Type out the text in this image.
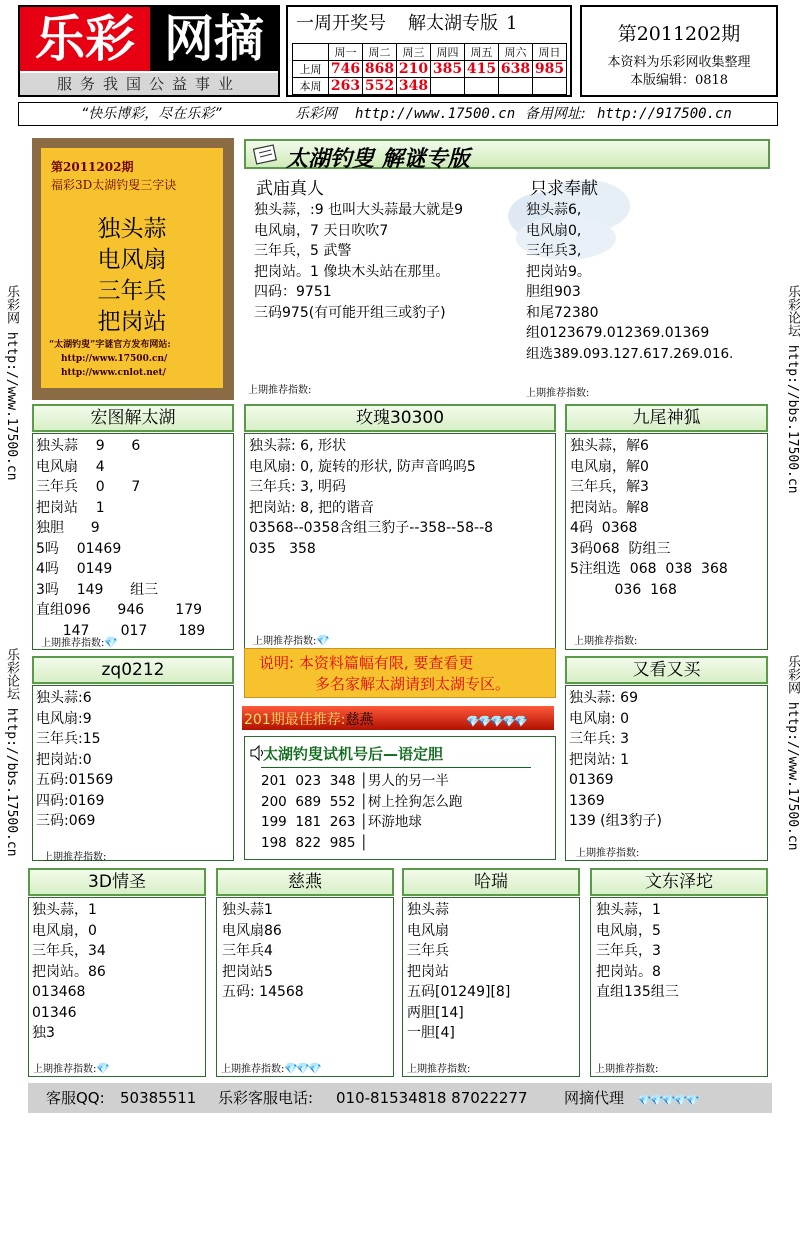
乐彩 网摘
服务我国公益事业
一周开奖号 解太湖专版 1
	周一	周二	周三	周四	周五	周六	周日
上周	746	868	210	385	415	638	985
本周	263	552	348				
第2011202期
本资料为乐彩网收集整理
本版编辑：0818
“快乐博彩，尽在乐彩”	乐彩网 http://www.17500.cn 备用网址: http://917500.cn
乐彩网 http://www.17500.cn
乐彩论坛 http://bbs.17500.cn
乐彩论坛 http://bbs.17500.cn
乐彩网 http://www.17500.cn
第2011202期
福彩3D太湖钓叟三字诀
独头蒜
电风扇
三年兵
把岗站
“太湖钓叟”字谜官方发布网站:
http://www.17500.cn/
http://www.cnlot.net/
太湖钓叟 解谜专版
武庙真人
独头蒜，:9 也叫大头蒜最大就是9
电风扇，7 天日吹吹7
三年兵，5 武警
把岗站。1 像块木头站在那里。
四码：9751
三码975(有可能开组三或豹子)
上期推荐指数:
只求奉献
独头蒜6,
电风扇0,
三年兵3,
把岗站9。
胆组903
和尾72380
组0123679.012369.01369
组选389.093.127.617.269.016.
上期推荐指数:
宏图解太湖
独头蒜    9      6
电风扇    4
三年兵    0      7
把岗站    1
独胆      9
5吗    01469
4吗    0149
3吗    149      组三
直组096      946       179
147       017       189
上期推荐指数:💎
玫瑰30300
独头蒜: 6, 形状
电风扇: 0, 旋转的形状, 防声音呜呜5
三年兵: 3, 明码
把岗站: 8, 把的谐音
03568--0358含组三豹子--358--58--8
035   358
上期推荐指数:💎
九尾神狐
独头蒜，解6
电风扇，解0
三年兵，解3
把岗站。解8
4码  0368
3码068  防组三
5注组选  068  038  368
036  168
上期推荐指数:
zq0212
独头蒜:6
电风扇:9
三年兵:15
把岗站:0
五码:01569
四码:0169
三码:069
上期推荐指数:
说明: 本资料篇幅有限, 要查看更
多名家解太湖请到太湖专区。
201期最佳推荐:慈燕	💎💎💎💎💎
太湖钓叟试机号后—语定胆
201  023  348 │男人的另一半
200  689  552 │树上拴狗怎么跑
199  181  263 │环游地球
198  822  985 │
又看又买
独头蒜: 69
电风扇: 0
三年兵: 3
把岗站: 1
01369
1369
139 (组3豹子)
上期推荐指数:
3D情圣
独头蒜，1
电风扇，0
三年兵，34
把岗站。86
013468
01346
独3
上期推荐指数:💎
慈燕
独头蒜1
电风扇86
三年兵4
把岗站5
五码: 14568
上期推荐指数:💎💎💎
哈瑞
独头蒜
电风扇
三年兵
把岗站
五码[01249][8]
两胆[14]
一胆[4]
上期推荐指数:
文东泽坨
独头蒜，1
电风扇，5
三年兵，3
把岗站。8
直组135组三
上期推荐指数:
客服QQ: 50385511 乐彩客服电话: 010-81534818 87022277 网摘代理 💎💎💎💎💎
